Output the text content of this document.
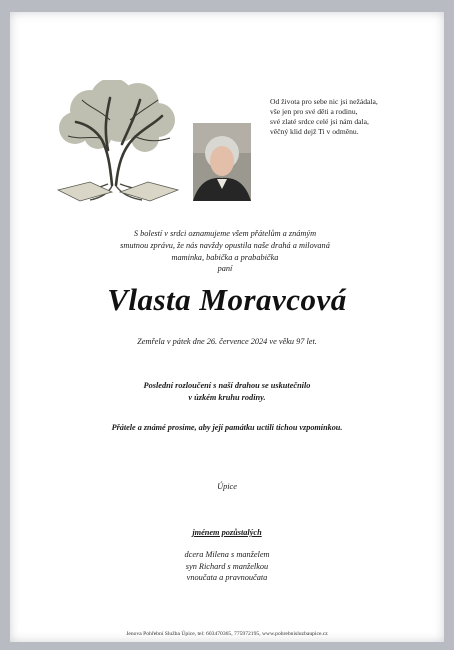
Od života pro sebe nic jsi nežádala,
vše jen pro své děti a rodinu,
své zlaté srdce celé jsi nám dala,
věčný klid dejž Ti v odměnu.
S bolestí v srdci oznamujeme všem přátelům a známým
smutnou zprávu, že nás navždy opustila naše drahá a milovaná
maminka, babička a prababička
paní
Vlasta Moravcová
Zemřela v pátek dne 26. července 2024 ve věku 97 let.
Poslední rozloučení s naší drahou se uskutečnilo
v úzkém kruhu rodiny.
Přátele a známé prosíme, aby její památku uctili tichou vzpomínkou.
Úpice
jménem pozůstalých
dcera Milena s manželem
syn Richard s manželkou
vnoučata a pravnoučata
Jenova Pohřební Služba Úpice, tel: 603470365, 775972195, www.pohrebnisluzbaupice.cz
